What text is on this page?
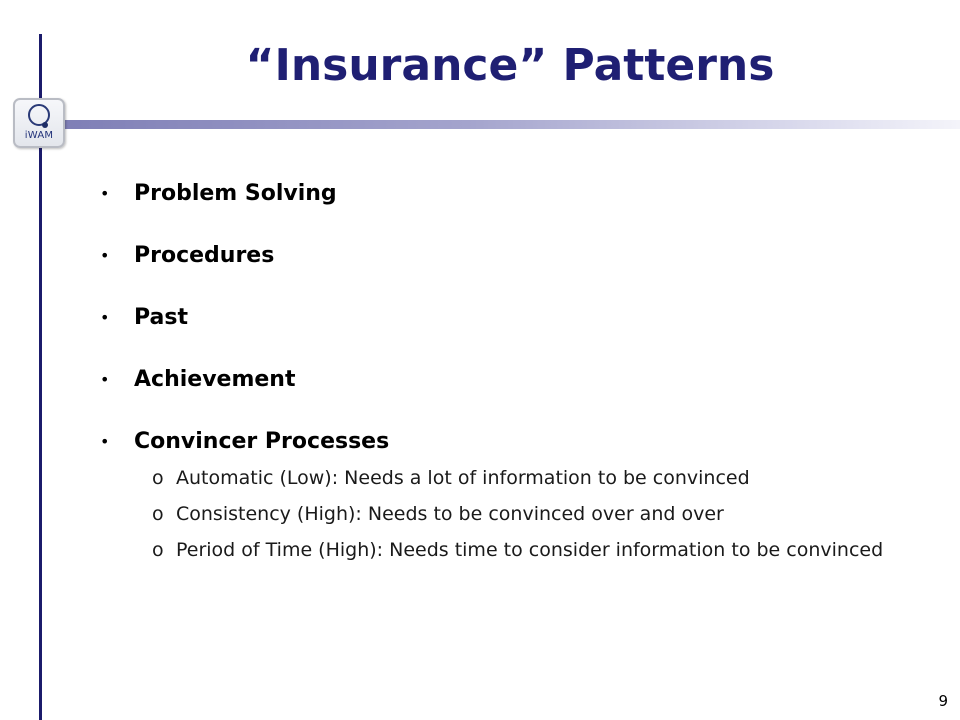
iWAM
“Insurance” Patterns
• Problem Solving
• Procedures
• Past
• Achievement
• Convincer Processes
o Automatic (Low): Needs a lot of information to be convinced
o Consistency (High): Needs to be convinced over and over
o Period of Time (High): Needs time to consider information to be convinced
9
